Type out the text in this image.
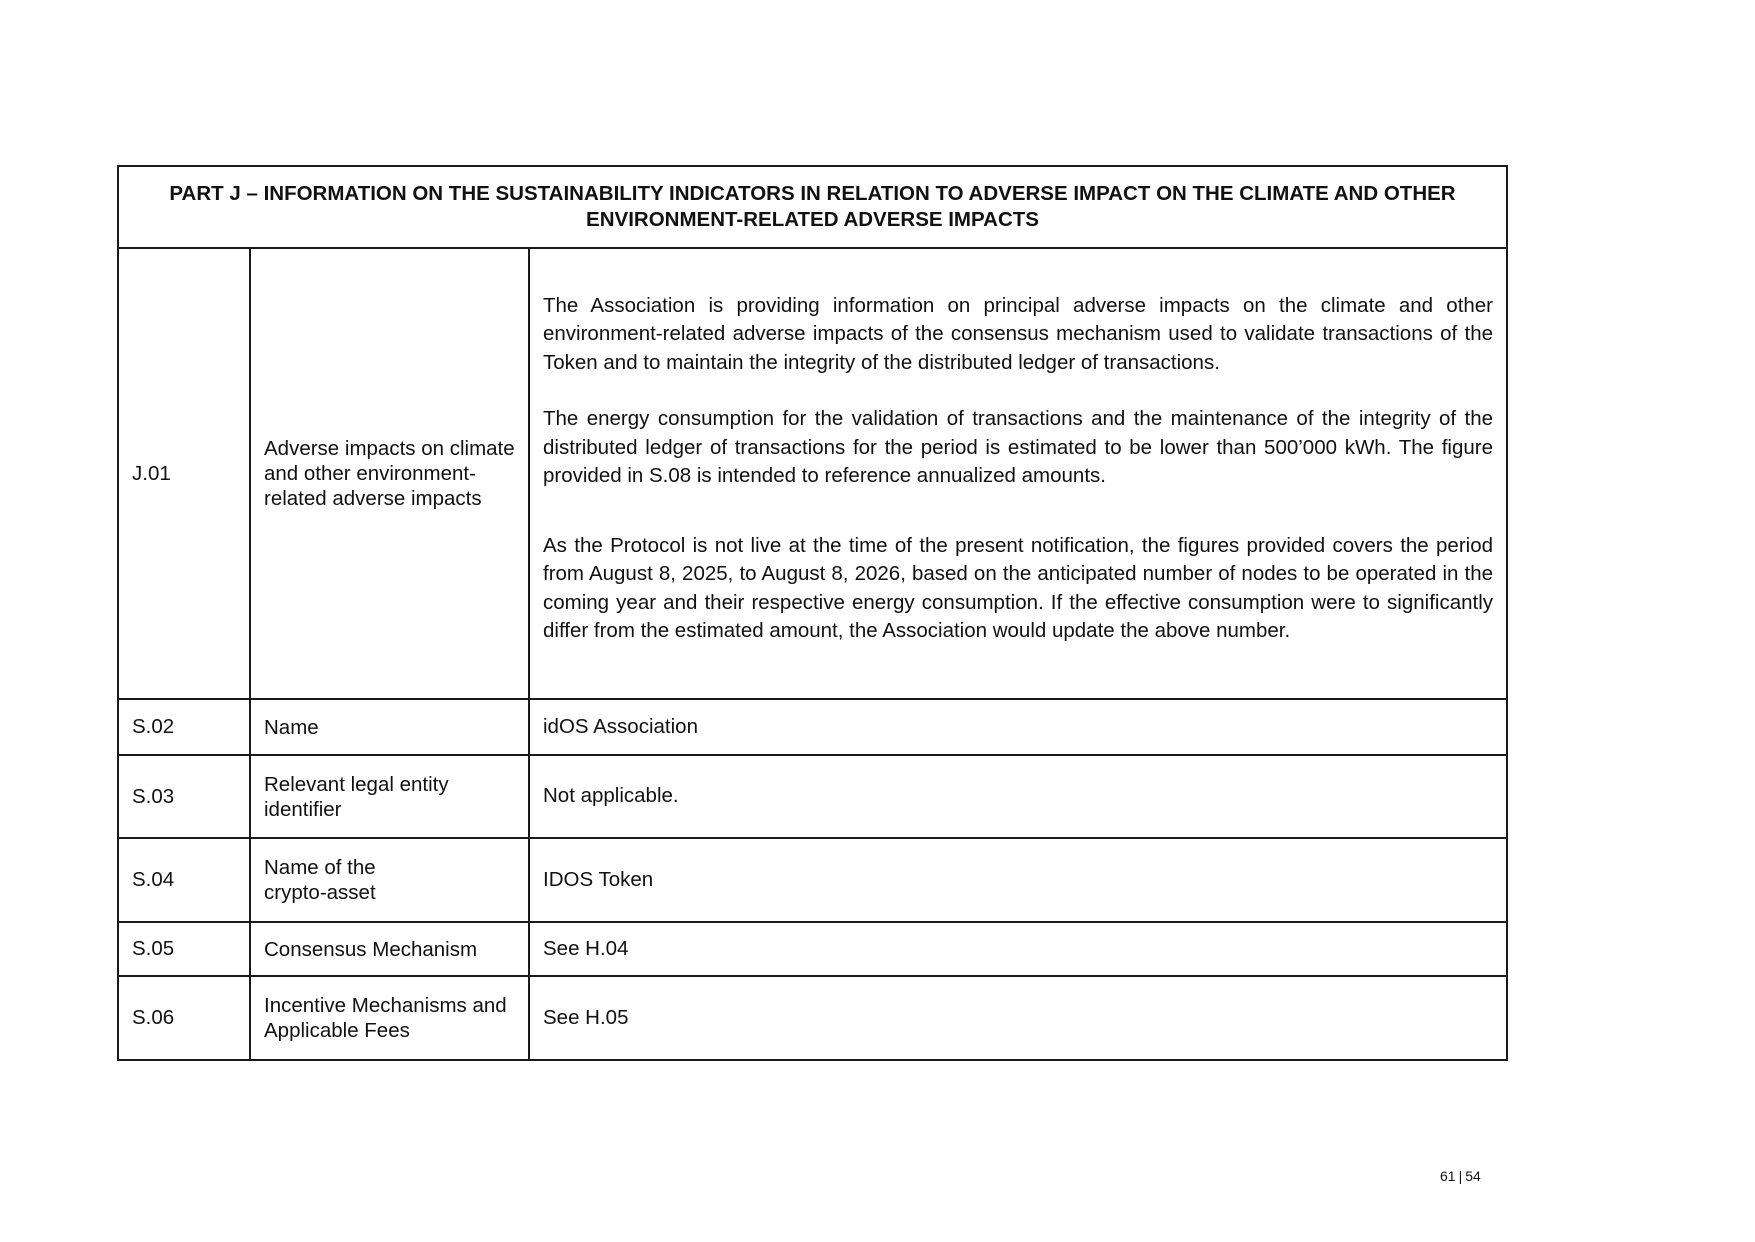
PART J – INFORMATION ON THE SUSTAINABILITY INDICATORS IN RELATION TO ADVERSE IMPACT ON THE CLIMATE AND OTHER ENVIRONMENT-RELATED ADVERSE IMPACTS		
J.01	Adverse impacts on climate and other environment-related adverse impacts	The Association is providing information on principal adverse impacts on the climate and other environment-related adverse impacts of the consensus mechanism used to validate transactions of the Token and to maintain the integrity of the distributed ledger of transactions.

The energy consumption for the validation of transactions and the maintenance of the integrity of the distributed ledger of transactions for the period is estimated to be lower than 500’000 kWh. The figure provided in S.08 is intended to reference annualized amounts.

As the Protocol is not live at the time of the present notification, the figures provided covers the period from August 8, 2025, to August 8, 2026, based on the anticipated number of nodes to be operated in the coming year and their respective energy consumption. If the effective consumption were to significantly differ from the estimated amount, the Association would update the above number.

S.02	Name	idOS Association
S.03	Relevant legal entity identifier	Not applicable.
S.04	Name of the
crypto-asset	IDOS Token
S.05	Consensus Mechanism	See H.04
S.06	Incentive Mechanisms and Applicable Fees	See H.05
61 | 54
